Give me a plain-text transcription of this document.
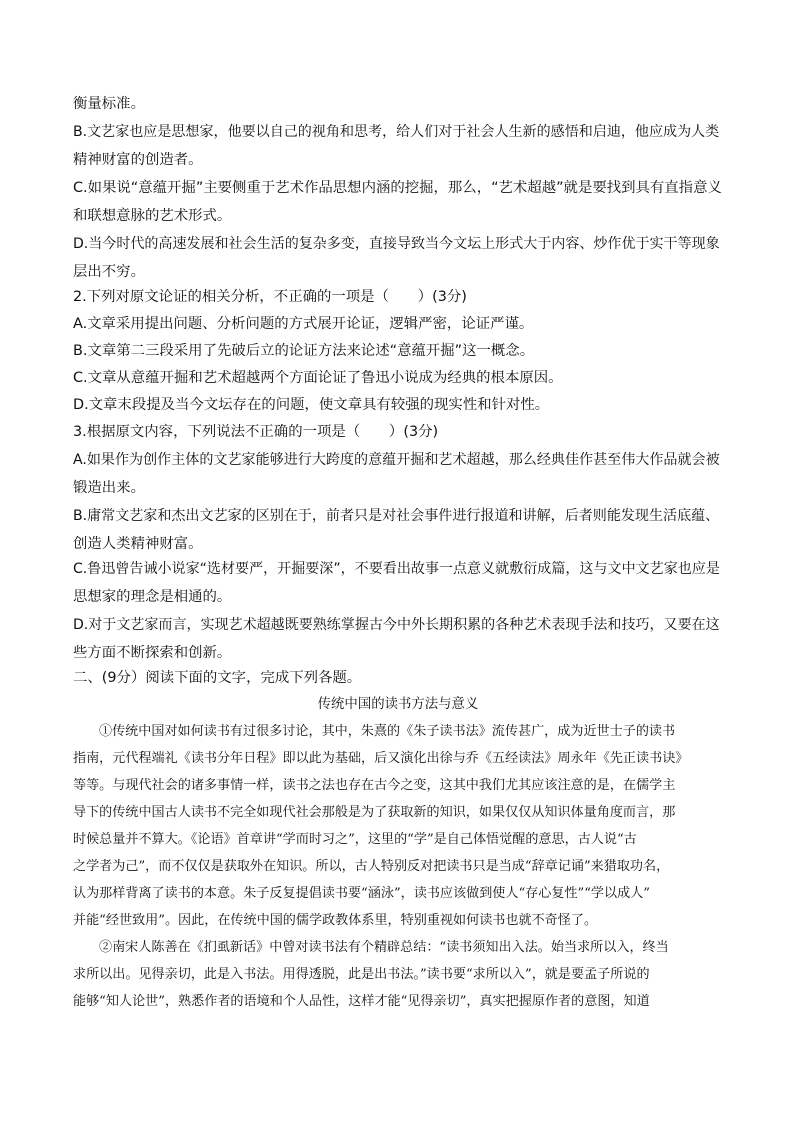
衡量标准。
B.文艺家也应是思想家，他要以自己的视角和思考，给人们对于社会人生新的感悟和启迪，他应成为人类
精神财富的创造者。
C.如果说“意蕴开掘”主要侧重于艺术作品思想内涵的挖掘，那么，“艺术超越”就是要找到具有直指意义
和联想意脉的艺术形式。
D.当今时代的高速发展和社会生活的复杂多变，直接导致当今文坛上形式大于内容、炒作优于实干等现象
层出不穷。
2.下列对原文论证的相关分析，不正确的一项是（　　）(3分)
A.文章采用提出问题、分析问题的方式展开论证，逻辑严密，论证严谨。
B.文章第二三段采用了先破后立的论证方法来论述“意蕴开掘”这一概念。
C.文章从意蕴开掘和艺术超越两个方面论证了鲁迅小说成为经典的根本原因。
D.文章末段提及当今文坛存在的问题，使文章具有较强的现实性和针对性。
3.根据原文内容，下列说法不正确的一项是（　　）(3分)
A.如果作为创作主体的文艺家能够进行大跨度的意蕴开掘和艺术超越，那么经典佳作甚至伟大作品就会被
锻造出来。
B.庸常文艺家和杰出文艺家的区别在于，前者只是对社会事件进行报道和讲解，后者则能发现生活底蕴、
创造人类精神财富。
C.鲁迅曾告诫小说家“选材要严，开掘要深”，不要看出故事一点意义就敷衍成篇，这与文中文艺家也应是
思想家的理念是相通的。
D.对于文艺家而言，实现艺术超越既要熟练掌握古今中外长期积累的各种艺术表现手法和技巧，又要在这
些方面不断探索和创新。
二、(9分）阅读下面的文字，完成下列各题。
传统中国的读书方法与意义
①传统中国对如何读书有过很多讨论，其中，朱熹的《朱子读书法》流传甚广，成为近世士子的读书
指南，元代程端礼《读书分年日程》即以此为基础，后又演化出徐与乔《五经读法》周永年《先正读书诀》
等等。与现代社会的诸多事情一样，读书之法也存在古今之变，这其中我们尤其应该注意的是，在儒学主
导下的传统中国古人读书不完全如现代社会那般是为了获取新的知识，如果仅仅从知识体量角度而言，那
时候总量并不算大。《论语》首章讲“学而时习之”，这里的“学”是自己体悟觉醒的意思，古人说“古
之学者为己”，而不仅仅是获取外在知识。所以，古人特别反对把读书只是当成“辞章记诵”来猎取功名，
认为那样背离了读书的本意。朱子反复提倡读书要“涵泳”，读书应该做到使人“存心复性”“学以成人”
并能“经世致用”。因此，在传统中国的儒学政教体系里，特别重视如何读书也就不奇怪了。
②南宋人陈善在《扪虱新话》中曾对读书法有个精辟总结：“读书须知出入法。始当求所以入，终当
求所以出。见得亲切，此是入书法。用得透脱，此是出书法。”读书要“求所以入”，就是要孟子所说的
能够“知人论世”，熟悉作者的语境和个人品性，这样才能“见得亲切”，真实把握原作者的意图，知道
